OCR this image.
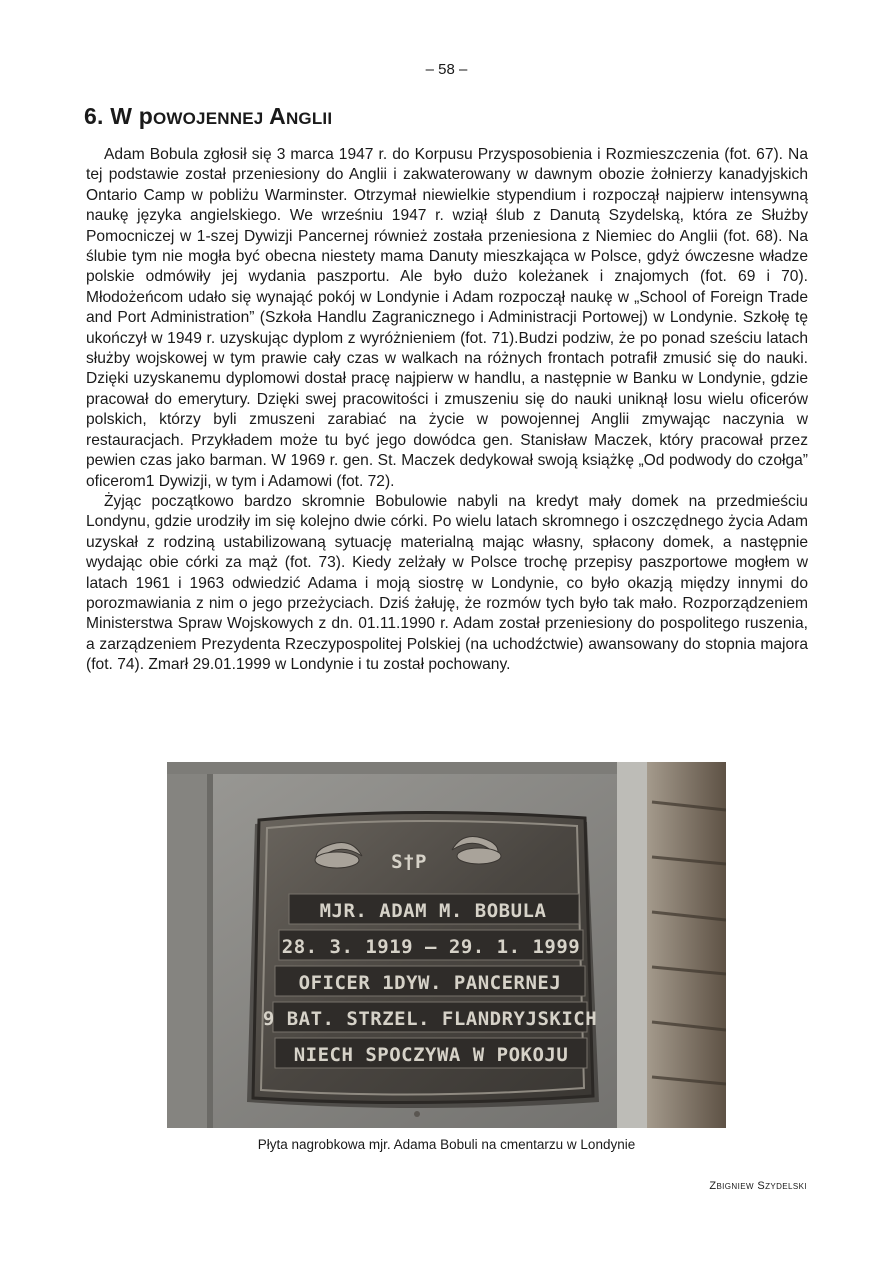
– 58 –
6. W pOWOJENNEJ ANGLII

Adam Bobula zgłosił się 3 marca 1947 r. do Korpusu Przysposobienia i Rozmieszczenia (fot. 67). Na tej podstawie został przeniesiony do Anglii i zakwaterowany w dawnym obozie żołnierzy kanadyjskich Ontario Camp w pobliżu Warminster. Otrzymał niewielkie stypendium i rozpoczął najpierw intensywną naukę języka angielskiego. We wrześniu 1947 r. wziął ślub z Danutą Szydelską, która ze Służby Pomocniczej w 1-szej Dywizji Pancernej również została przeniesiona z Niemiec do Anglii (fot. 68). Na ślubie tym nie mogła być obecna niestety mama Danuty mieszkająca w Polsce, gdyż ówczesne władze polskie odmówiły jej wydania paszportu. Ale było dużo koleżanek i znajomych (fot. 69 i 70). Młodożeńcom udało się wynająć pokój w Londynie i Adam rozpoczął naukę w „School of Foreign Trade and Port Administration” (Szkoła Handlu Zagranicznego i Administracji Portowej) w Londynie. Szkołę tę ukończył w 1949 r. uzyskując dyplom z wyróżnieniem (fot. 71).Budzi podziw, że po ponad sześciu latach służby wojskowej w tym prawie cały czas w walkach na różnych frontach potrafił zmusić się do nauki. Dzięki uzyskanemu dyplomowi dostał pracę najpierw w handlu, a następnie w Banku w Londynie, gdzie pracował do emerytury. Dzięki swej pracowitości i zmuszeniu się do nauki uniknął losu wielu oficerów polskich, którzy byli zmuszeni zarabiać na życie w powojennej Anglii zmywając naczynia w restauracjach. Przykładem może tu być jego dowódca gen. Stanisław Maczek, który pracował przez pewien czas jako barman. W 1969 r. gen. St. Maczek dedykował swoją książkę „Od podwody do czołga” oficerom1 Dywizji, w tym i Adamowi (fot. 72).

Żyjąc początkowo bardzo skromnie Bobulowie nabyli na kredyt mały domek na przedmieściu Londynu, gdzie urodziły im się kolejno dwie córki. Po wielu latach skromnego i oszczędnego życia Adam uzyskał z rodziną ustabilizowaną sytuację materialną mając własny, spłacony domek, a następnie wydając obie córki za mąż (fot. 73). Kiedy zelżały w Polsce trochę przepisy paszportowe mogłem w latach 1961 i 1963 odwiedzić Adama i moją siostrę w Londynie, co było okazją między innymi do porozmawiania z nim o jego przeżyciach. Dziś żałuję, że rozmów tych było tak mało. Rozporządzeniem Ministerstwa Spraw Wojskowych z dn. 01.11.1990 r. Adam został przeniesiony do pospolitego ruszenia, a zarządzeniem Prezydenta Rzeczypospolitej Polskiej (na uchodźctwie) awansowany do stopnia majora (fot. 74). Zmarł 29.01.1999 w Londynie i tu został pochowany.

S†P
MJR. ADAM M. BOBULA
28. 3. 1919 — 29. 1. 1999
OFICER 1DYW. PANCERNEJ
9 BAT. STRZEL. FLANDRYJSKICH
NIECH SPOCZYWA W POKOJU
Płyta nagrobkowa mjr. Adama Bobuli na cmentarzu w Londynie
Zbigniew Szydelski
